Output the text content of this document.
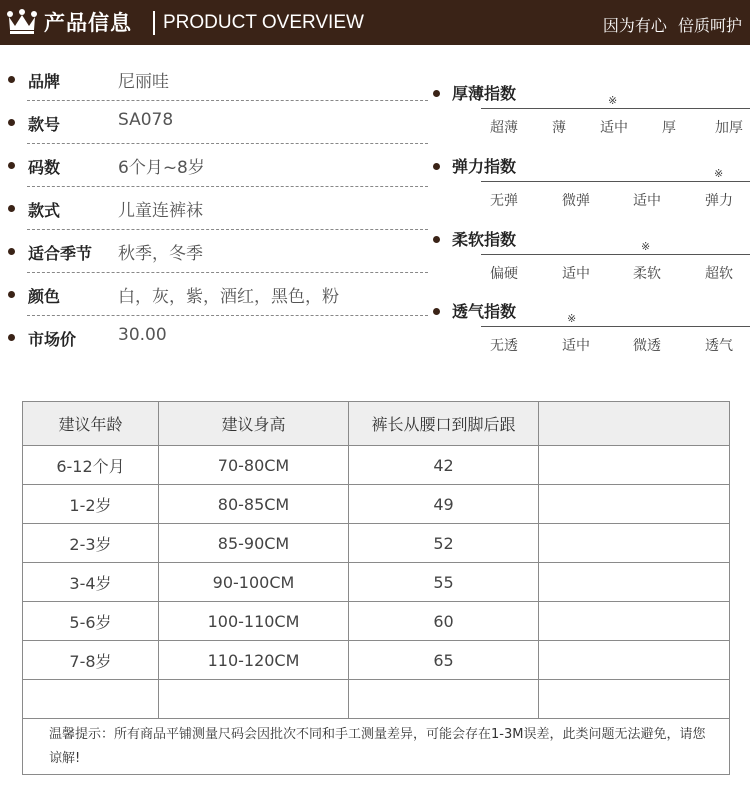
产品信息 PRODUCT OVERVIEW	因为有心 倍质呵护
品牌	尼丽哇
款号	SA078
码数	6个月~8岁
款式	儿童连裤袜
适合季节 秋季，冬季
颜色	白，灰，紫，酒红，黑色，粉
市场价 30.00
厚薄指数	※
超薄	薄	适中	厚	加厚
弹力指数	※
无弹	微弹	适中	弹力
柔软指数	※
偏硬	适中	柔软	超软
透气指数	※
无透	适中	微透	透气
建议年龄	建议身高	裤长从腰口到脚后跟	
6-12个月	70-80CM	42	
1-2岁	80-85CM	49	
2-3岁	85-90CM	52	
3-4岁	90-100CM	55	
5-6岁	100-110CM	60	
7-8岁	110-120CM	65	

温馨提示：所有商品平铺测量尺码会因批次不同和手工测量差异，可能会存在1-3M误差，此类问题无法避免，请您谅解!			
